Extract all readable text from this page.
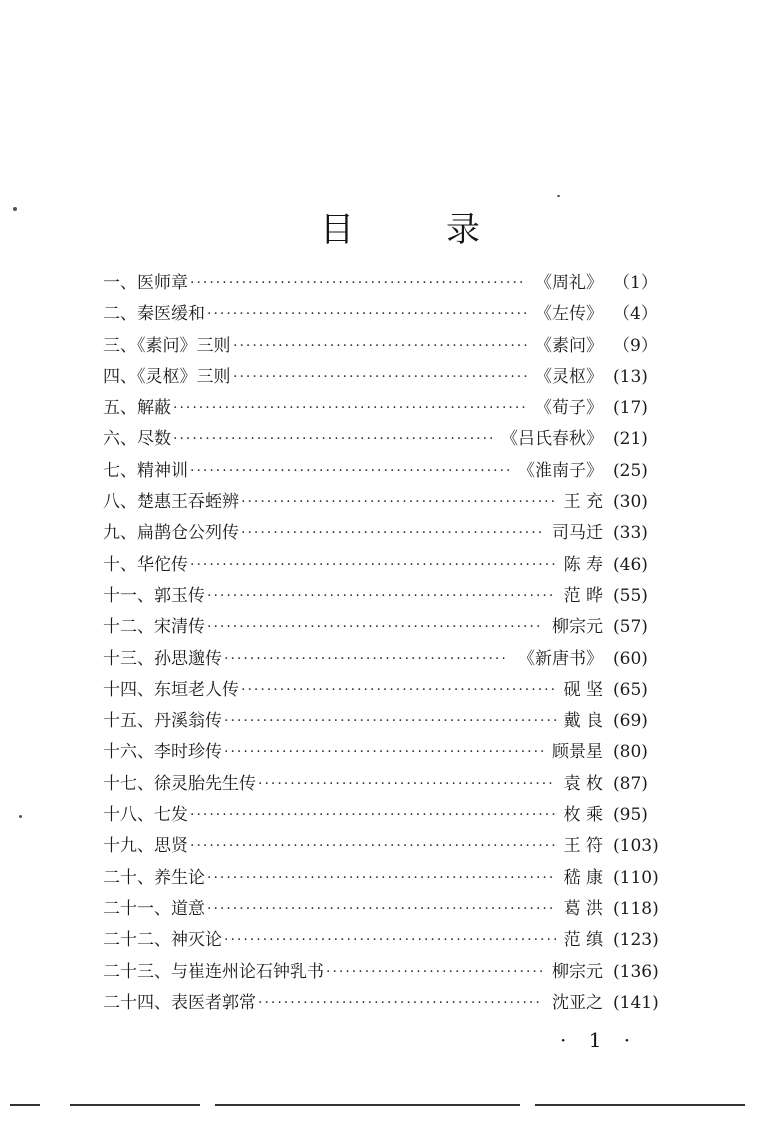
目	录
一、医师章 ···················································· 《周礼》 （1）
二、秦医缓和 ·················································· 《左传》 （4）
三、《素问》三则 ·············································· 《素问》 （9）
四、《灵枢》三则 ·············································· 《灵枢》 (13)
五、解蔽 ······················································· 《荀子》 (17)
六、尽数 ·················································· 《吕氏春秋》 (21)
七、精神训 ·················································· 《淮南子》 (25)
八、楚惠王吞蛭辨 ················································· 王 充 (30)
九、扁鹊仓公列传 ··············································· 司马迁 (33)
十、华佗传 ························································· 陈 寿 (46)
十一、郭玉传 ······················································ 范 晔 (55)
十二、宋清传 ···················································· 柳宗元 (57)
十三、孙思邈传 ············································ 《新唐书》 (60)
十四、东垣老人传 ················································· 砚 坚 (65)
十五、丹溪翁传 ···················································· 戴 良 (69)
十六、李时珍传 ·················································· 顾景星 (80)
十七、徐灵胎先生传 ·············································· 袁 枚 (87)
十八、七发 ························································· 枚 乘 (95)
十九、思贤 ························································· 王 符 (103)
二十、养生论 ······················································ 嵇 康 (110)
二十一、道意 ······················································ 葛 洪 (118)
二十二、神灭论 ···················································· 范 缜 (123)
二十三、与崔连州论石钟乳书 ·································· 柳宗元 (136)
二十四、表医者郭常 ············································ 沈亚之 (141)
· 1 ·
